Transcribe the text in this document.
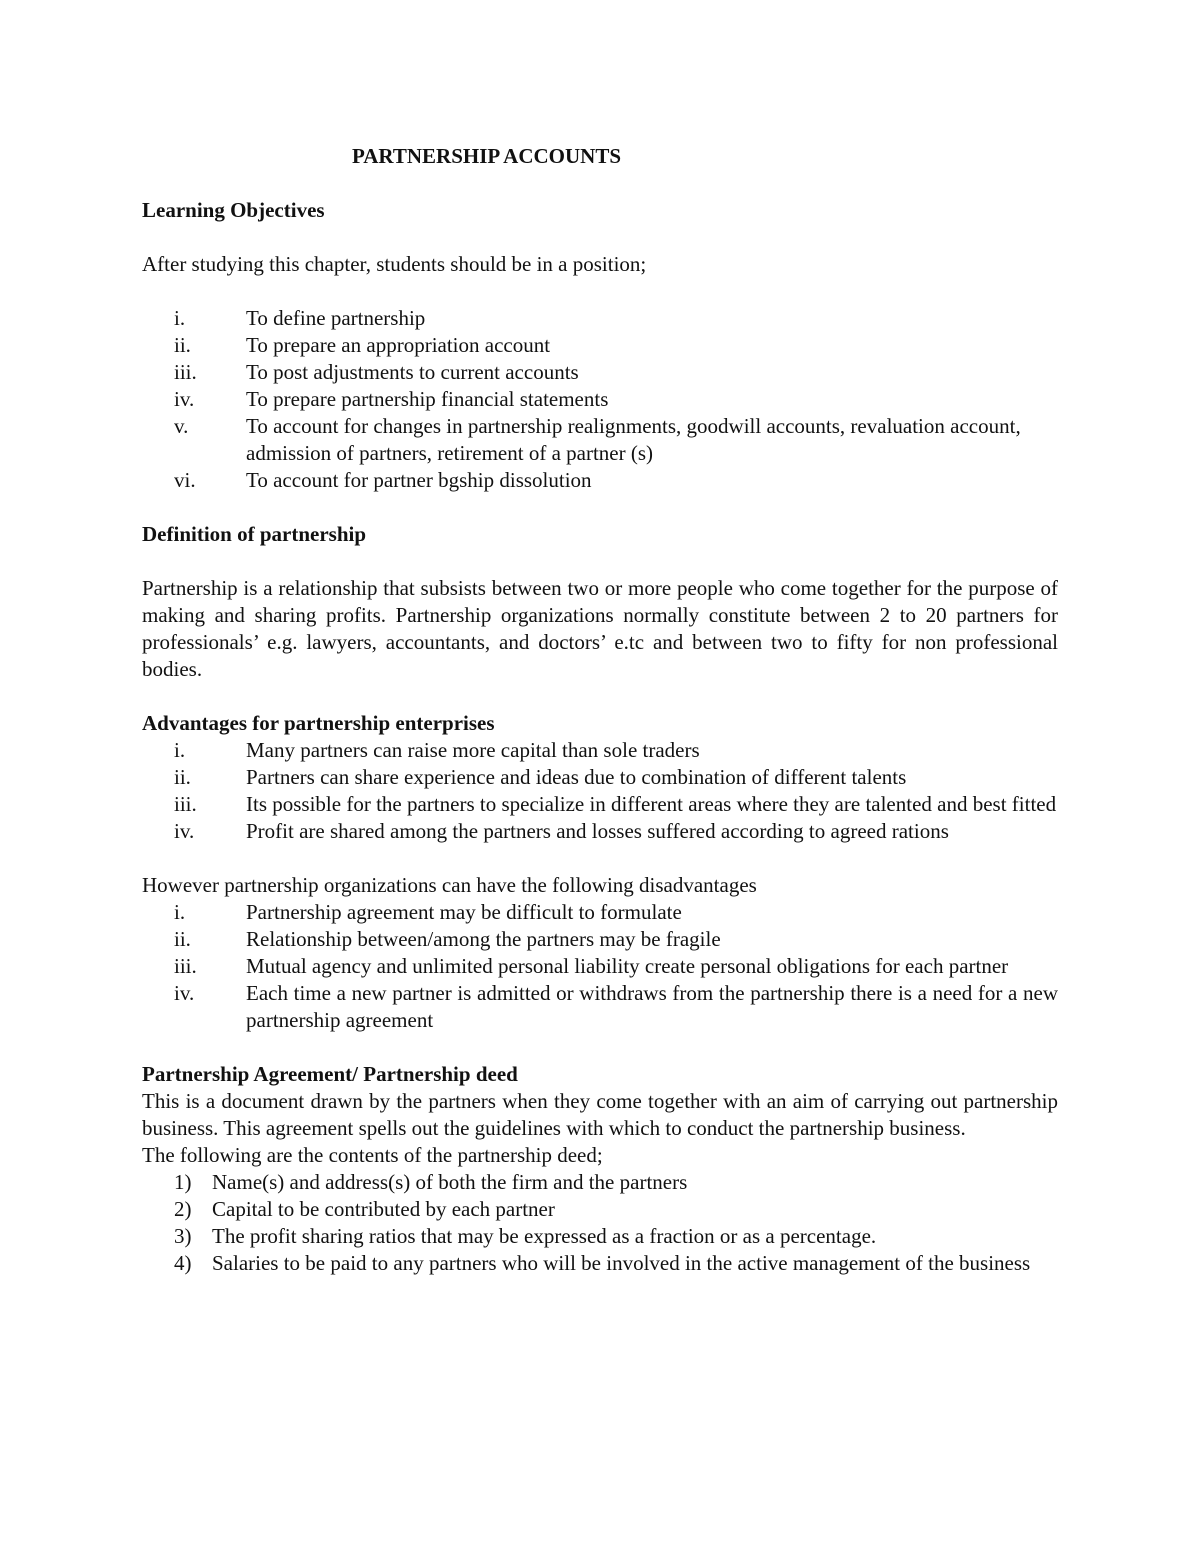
PARTNERSHIP ACCOUNTS
Learning Objectives

After studying this chapter, students should be in a position;

i.	To define partnership
ii.	To prepare an appropriation account
iii. To post adjustments to current accounts
iv. To prepare partnership financial statements
v.	To account for changes in partnership realignments, goodwill accounts, revaluation account, admission of partners, retirement of a partner (s)
vi. To account for partner bgship dissolution
Definition of partnership

Partnership is a relationship that subsists between two or more people who come together for the purpose of making and sharing profits. Partnership organizations normally constitute between 2 to 20 partners for professionals’ e.g. lawyers, accountants, and doctors’ e.tc and between two to fifty for non professional bodies.

Advantages for partnership enterprises
i.	Many partners can raise more capital than sole traders
ii.	Partners can share experience and ideas due to combination of different talents
iii. Its possible for the partners to specialize in different areas where they are talented and best fitted
iv. Profit are shared among the partners and losses suffered according to agreed rations

However partnership organizations can have the following disadvantages

i.	Partnership agreement may be difficult to formulate
ii.	Relationship between/among the partners may be fragile
iii. Mutual agency and unlimited personal liability create personal obligations for each partner
iv. Each time a new partner is admitted or withdraws from the partnership there is a need for a new partnership agreement
Partnership Agreement/ Partnership deed

This is a document drawn by the partners when they come together with an aim of carrying out partnership business. This agreement spells out the guidelines with which to conduct the partnership business.

The following are the contents of the partnership deed;

1) Name(s) and address(s) of both the firm and the partners
2) Capital to be contributed by each partner
3) The profit sharing ratios that may be expressed as a fraction or as a percentage.
4) Salaries to be paid to any partners who will be involved in the active management of the business
